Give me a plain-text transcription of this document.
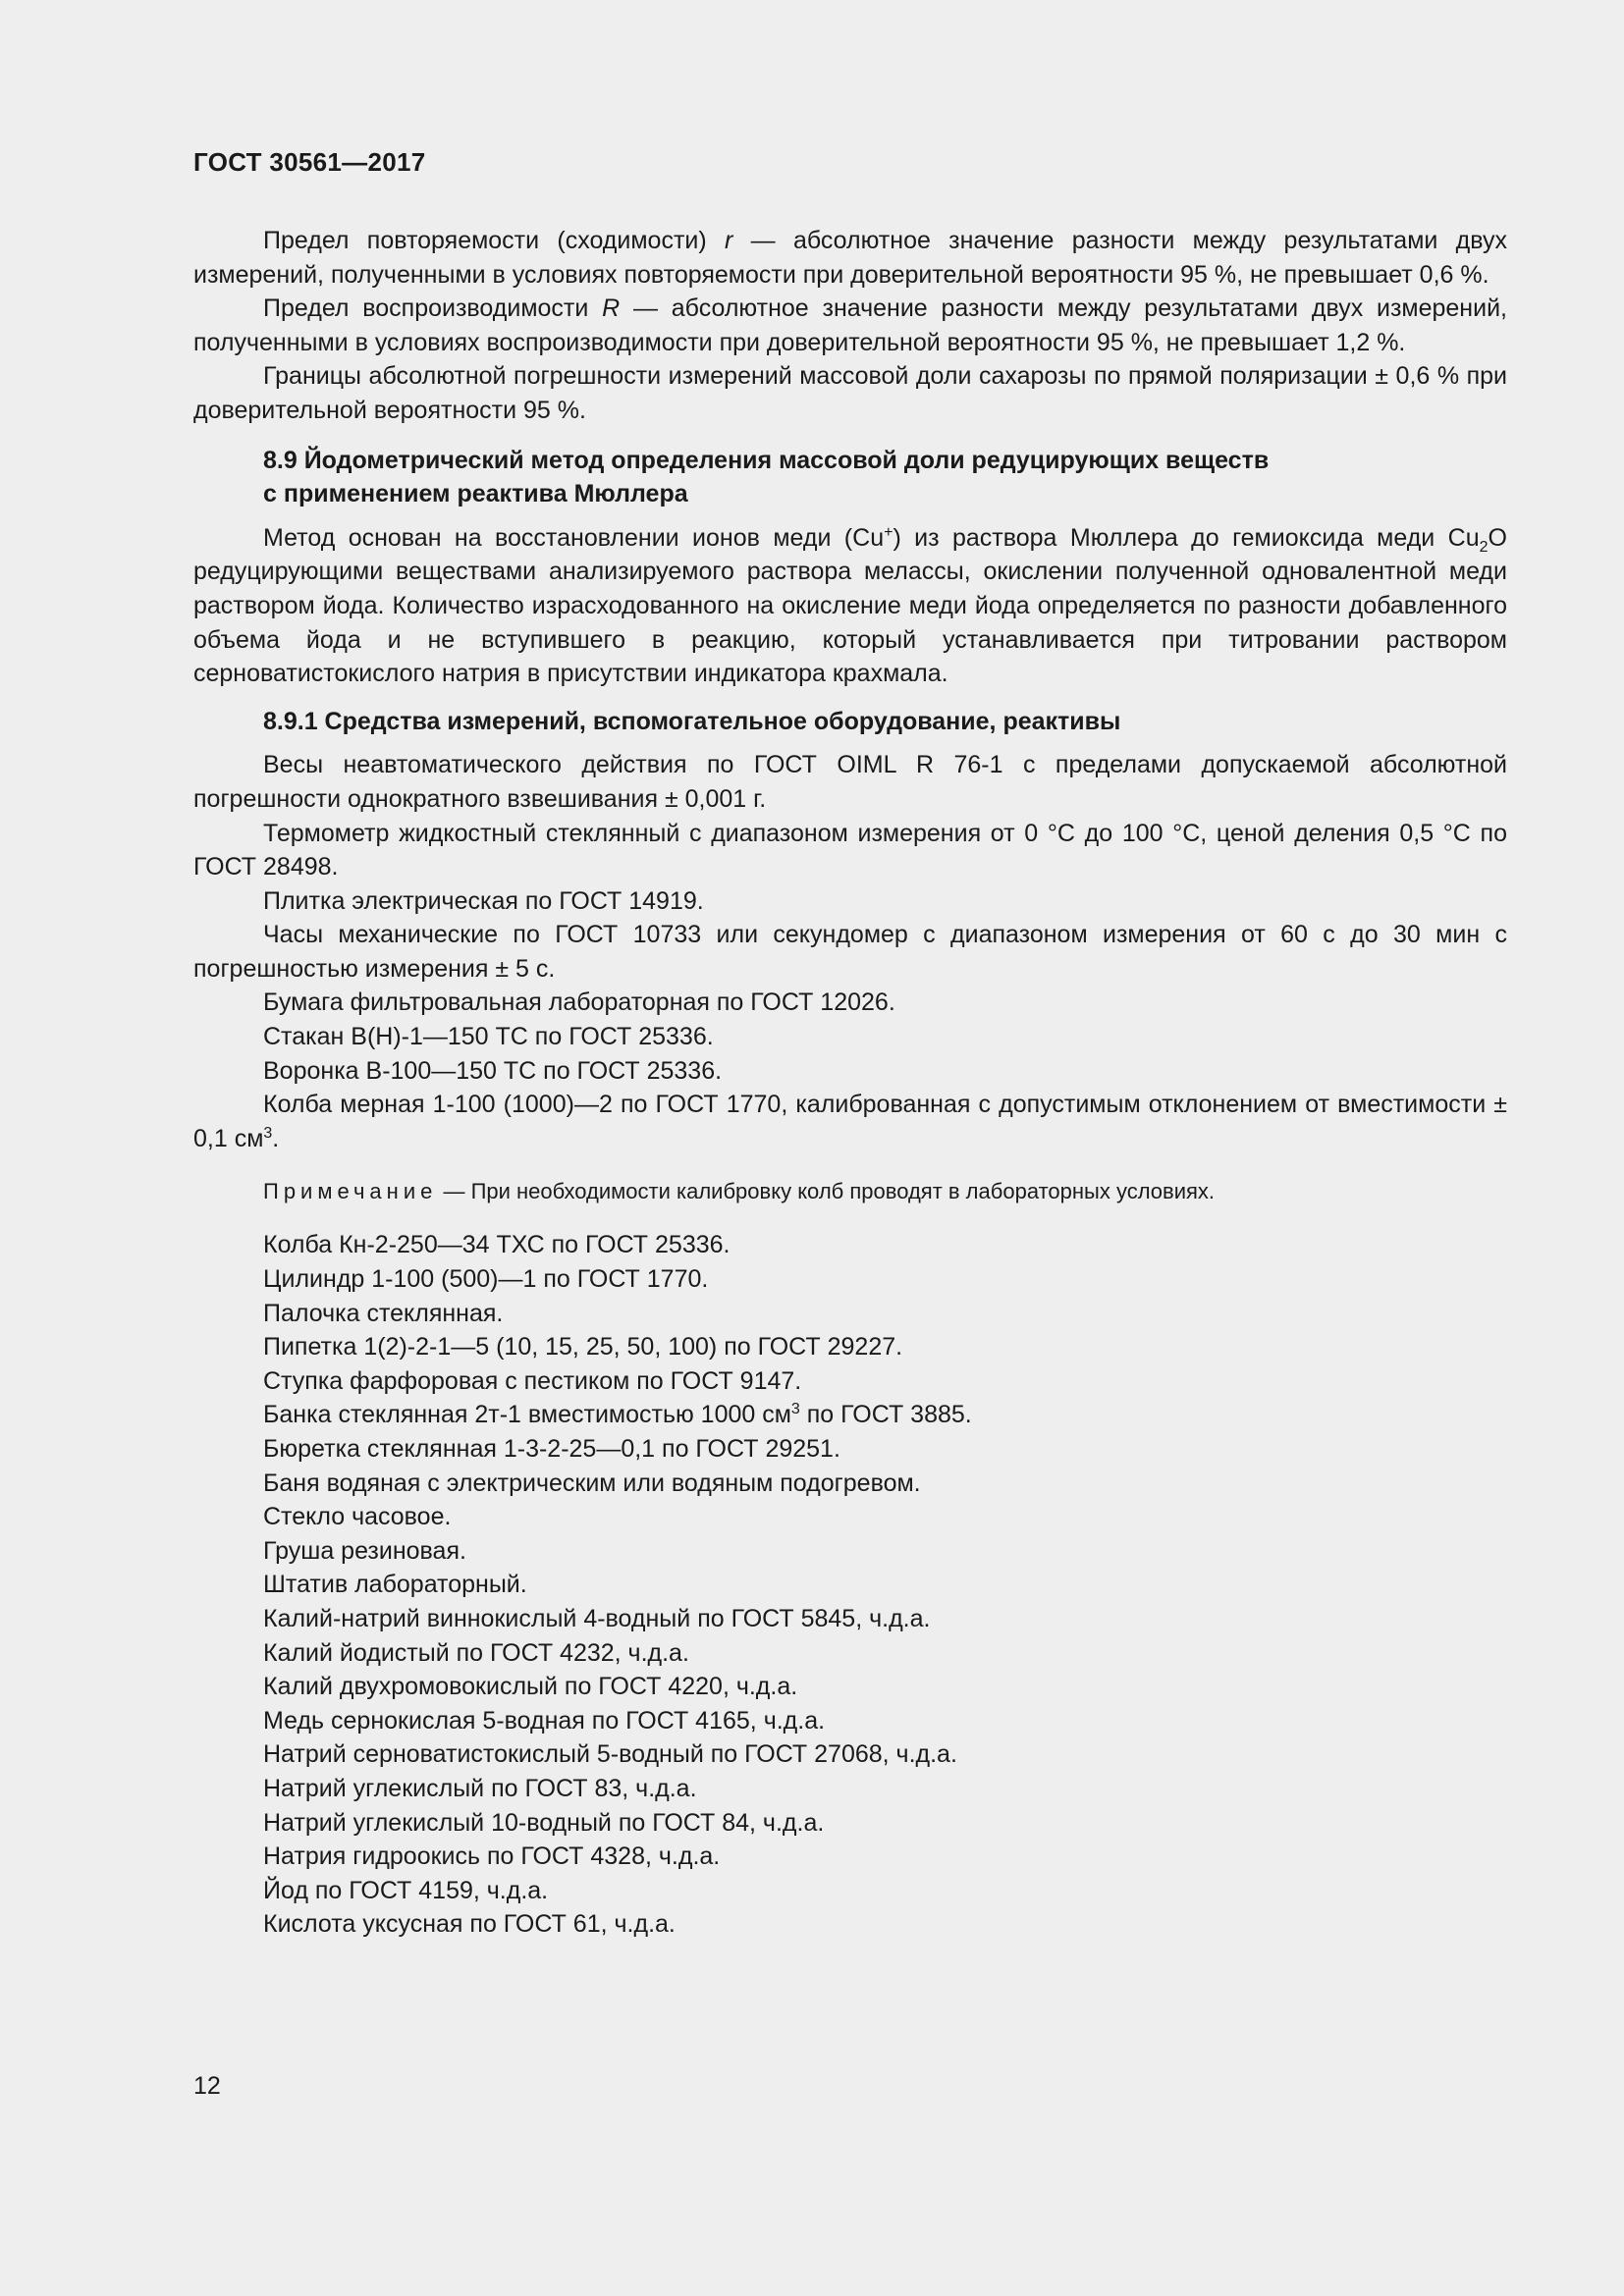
ГОСТ 30561—2017

Предел повторяемости (сходимости) r — абсолютное значение разности между результатами двух измерений, полученными в условиях повторяемости при доверительной вероятности 95 %, не превышает 0,6 %.

Предел воспроизводимости R — абсолютное значение разности между результатами двух измерений, полученными в условиях воспроизводимости при доверительной вероятности 95 %, не превышает 1,2 %.

Границы абсолютной погрешности измерений массовой доли сахарозы по прямой поляризации ± 0,6 % при доверительной вероятности 95 %.

8.9 Йодометрический метод определения массовой доли редуцирующих веществ
с применением реактива Мюллера

Метод основан на восстановлении ионов меди (Cu+) из раствора Мюллера до гемиоксида меди $Cu_2O$ редуцирующими веществами анализируемого раствора мелассы, окислении полученной одновалентной меди раствором йода. Количество израсходованного на окисление меди йода определяется по разности добавленного объема йода и не вступившего в реакцию, который устанавливается при титровании раствором серноватистокислого натрия в присутствии индикатора крахмала.

8.9.1 Средства измерений, вспомогательное оборудование, реактивы

Весы неавтоматического действия по ГОСТ OIML R 76-1 с пределами допускаемой абсолютной погрешности однократного взвешивания ± 0,001 г.

Термометр жидкостный стеклянный с диапазоном измерения от 0 °С до 100 °С, ценой деления 0,5 °С по ГОСТ 28498.

Плитка электрическая по ГОСТ 14919.

Часы механические по ГОСТ 10733 или секундомер с диапазоном измерения от 60 с до 30 мин с погрешностью измерения ± 5 с.

Бумага фильтровальная лабораторная по ГОСТ 12026.

Стакан В(Н)-1—150 ТС по ГОСТ 25336.

Воронка В-100—150 ТС по ГОСТ 25336.

Колба мерная 1-100 (1000)—2 по ГОСТ 1770, калиброванная с допустимым отклонением от вместимости ± 0,1 $см^3$.

Примечание — При необходимости калибровку колб проводят в лабораторных условиях.

Колба Кн-2-250—34 ТХС по ГОСТ 25336.

Цилиндр 1-100 (500)—1 по ГОСТ 1770.

Палочка стеклянная.

Пипетка 1(2)-2-1—5 (10, 15, 25, 50, 100) по ГОСТ 29227.

Ступка фарфоровая с пестиком по ГОСТ 9147.

Банка стеклянная 2т-1 вместимостью 1000 $см^3$ по ГОСТ 3885.

Бюретка стеклянная 1-3-2-25—0,1 по ГОСТ 29251.

Баня водяная с электрическим или водяным подогревом.

Стекло часовое.

Груша резиновая.

Штатив лабораторный.

Калий-натрий виннокислый 4-водный по ГОСТ 5845, ч.д.а.

Калий йодистый по ГОСТ 4232, ч.д.а.

Калий двухромовокислый по ГОСТ 4220, ч.д.а.

Медь сернокислая 5-водная по ГОСТ 4165, ч.д.а.

Натрий серноватистокислый 5-водный по ГОСТ 27068, ч.д.а.

Натрий углекислый по ГОСТ 83, ч.д.а.

Натрий углекислый 10-водный по ГОСТ 84, ч.д.а.

Натрия гидроокись по ГОСТ 4328, ч.д.а.

Йод по ГОСТ 4159, ч.д.а.

Кислота уксусная по ГОСТ 61, ч.д.а.

12
